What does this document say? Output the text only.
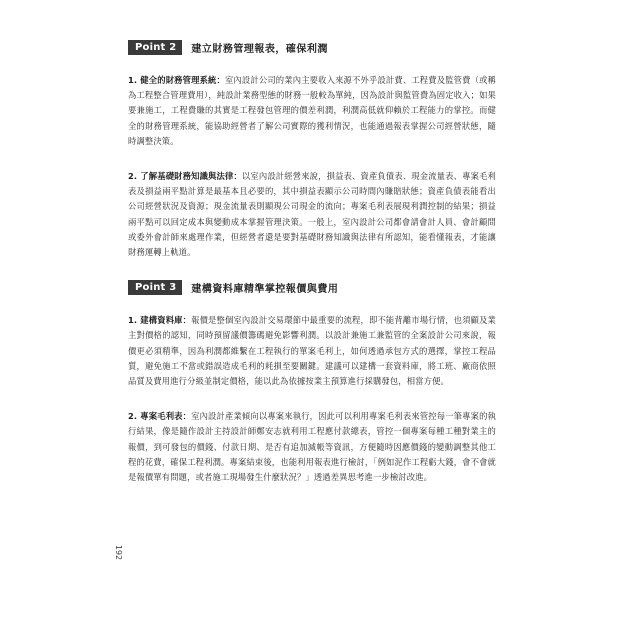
Point 2	建立財務管理報表，確保利潤

1. 健全的財務管理系統：室內設計公司的業內主要收入來源不外乎設計費、工程費及監管費（或稱為工程整合管理費用），純設計業務型態的財務一般較為單純，因為設計與監管費為固定收入；如果要兼施工，工程費賺的其實是工程發包管理的價差利潤，利潤高低就仰賴於工程能力的掌控。而健全的財務管理系統，能協助經營者了解公司實際的獲利情況，也能通過報表掌握公司經營狀態，隨時調整決策。

2. 了解基礎財務知識與法律：以室內設計經營來說，損益表、資產負債表、現金流量表、專案毛利表及損益兩平點計算是最基本且必要的，其中損益表顯示公司時間內賺賠狀態；資產負債表能看出公司經營狀況及資源；現金流量表則顯現公司現金的流向；專案毛利表展現利潤控制的結果；損益兩平點可以回定成本與變動成本掌握管理決策。一般上，室內設計公司都會請會計人員、會計顧問或委外會計師來處理作業，但經營者還是要對基礎財務知識與法律有所認知，能看懂報表，才能讓財務運轉上軌道。

Point 3	建構資料庫精準掌控報價與費用

1. 建構資料庫：報價是整個室內設計交易環節中最重要的流程，即不能背離市場行情，也須顧及業主對價格的認知，同時預留議價籌碼避免影響利潤。以設計兼施工兼監管的全案設計公司來說，報價更必須精準，因為利潤都維繫在工程執行的單案毛利上，如何透過承包方式的選擇，掌控工程品質，避免施工不當或錯誤造成毛利的耗損至要關鍵。建議可以建構一套資料庫，將工班、廠商依照品質及費用進行分級並制定價格，能以此為依據按業主預算進行採購發包，相當方便。

2. 專案毛利表：室內設計產業傾向以專案來執行，因此可以利用專案毛利表來管控每一筆專案的執行結果，像是隨作設計主持設計師鄭安志就利用工程應付款總表，管控一個專案每種工種對業主的報價，到可發包的價錢、付款日期、是否有追加減帳等資訊，方便隨時因應價錢的變動調整其他工程的花費，確保工程利潤。專案結束後，也能利用報表進行檢討，「例如泥作工程虧大錢，會不會就是報價單有問題，或者施工現場發生什麼狀況？」透過差異思考進一步檢討改進。

192
